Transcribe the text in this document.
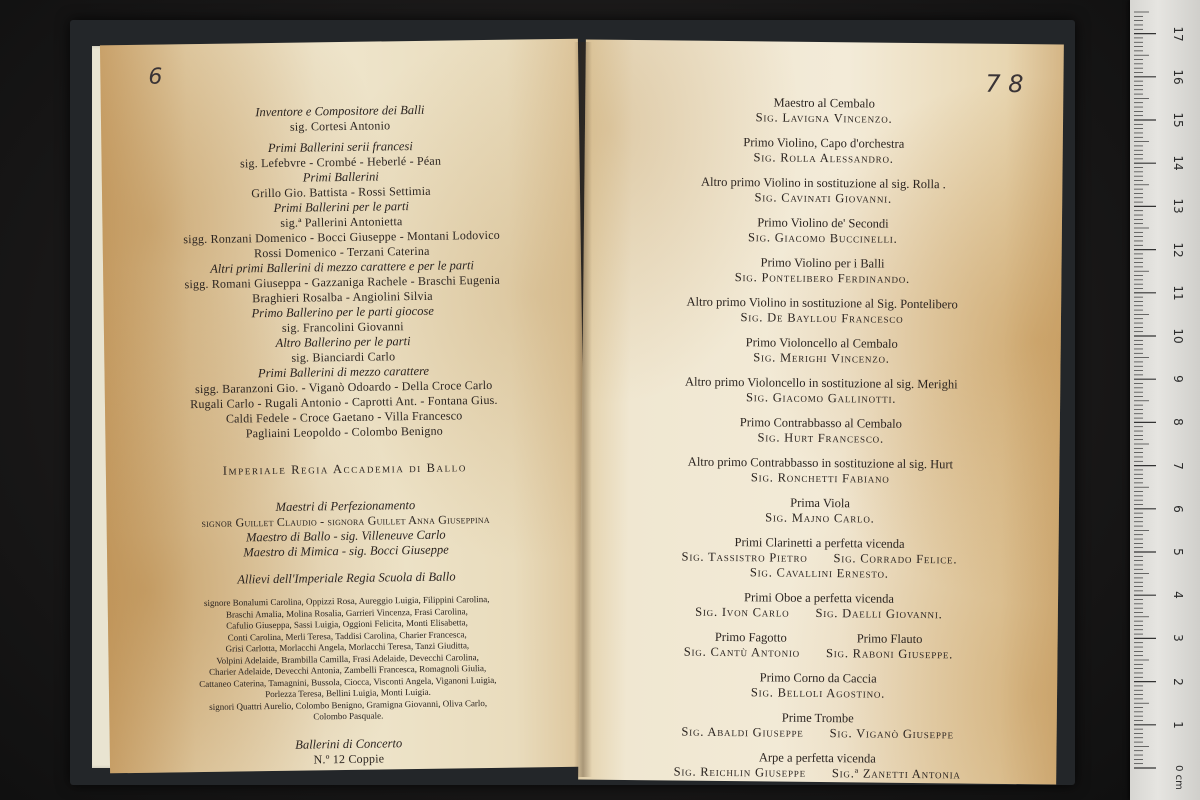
6
Inventore e Compositore dei Balli
sig. Cortesi Antonio
Primi Ballerini serii francesi
sig. Lefebvre - Crombé - Heberlé - Péan
Primi Ballerini
Grillo Gio. Battista - Rossi Settimia
Primi Ballerini per le parti
sig.ª Pallerini Antonietta
sigg. Ronzani Domenico - Bocci Giuseppe - Montani Lodovico
Rossi Domenico - Terzani Caterina
Altri primi Ballerini di mezzo carattere e per le parti
sigg. Romani Giuseppa - Gazzaniga Rachele - Braschi Eugenia
Braghieri Rosalba - Angiolini Silvia
Primo Ballerino per le parti giocose
sig. Francolini Giovanni
Altro Ballerino per le parti
sig. Bianciardi Carlo
Primi Ballerini di mezzo carattere
sigg. Baranzoni Gio. - Viganò Odoardo - Della Croce Carlo
Rugali Carlo - Rugali Antonio - Caprotti Ant. - Fontana Gius.
Caldi Fedele - Croce Gaetano - Villa Francesco
Pagliaini Leopoldo - Colombo Benigno
Imperiale Regia Accademia di Ballo
Maestri di Perfezionamento
signor Guillet Claudio - signora Guillet Anna Giuseppina
Maestro di Ballo - sig. Villeneuve Carlo
Maestro di Mimica - sig. Bocci Giuseppe
Allievi dell'Imperiale Regia Scuola di Ballo
signore Bonalumi Carolina, Oppizzi Rosa, Aureggio Luigia, Filippini Carolina,
Braschi Amalia, Molina Rosalia, Garrieri Vincenza, Frasi Carolina,
Cafulio Giuseppa, Sassi Luigia, Oggioni Felicita, Monti Elisabetta,
Conti Carolina, Merli Teresa, Taddisi Carolina, Charier Francesca,
Grisi Carlotta, Morlacchi Angela, Morlacchi Teresa, Tanzi Giuditta,
Volpini Adelaide, Brambilla Camilla, Frasi Adelaide, Devecchi Carolina,
Charier Adelaide, Devecchi Antonia, Zambelli Francesca, Romagnoli Giulia,
Cattaneo Caterina, Tamagnini, Bussola, Ciocca, Visconti Angela, Viganoni Luigia,
Porlezza Teresa, Bellini Luigia, Monti Luigia.
signori Quattri Aurelio, Colombo Benigno, Gramigna Giovanni, Oliva Carlo,
Colombo Pasquale.
Ballerini di Concerto
N.º 12 Coppie
7 8
Maestro al Cembalo
Sig. Lavigna Vincenzo.
Primo Violino, Capo d'orchestra
Sig. Rolla Alessandro.
Altro primo Violino in sostituzione al sig. Rolla .
Sig. Cavinati Giovanni.
Primo Violino de' Secondi
Sig. Giacomo Buccinelli.
Primo Violino per i Balli
Sig. Pontelibero Ferdinando.
Altro primo Violino in sostituzione al Sig. Pontelibero
Sig. De Bayllou Francesco
Primo Violoncello al Cembalo
Sig. Merighi Vincenzo.
Altro primo Violoncello in sostituzione al sig. Merighi
Sig. Giacomo Gallinotti.
Primo Contrabbasso al Cembalo
Sig. Hurt Francesco.
Altro primo Contrabbasso in sostituzione al sig. Hurt
Sig. Ronchetti Fabiano
Prima Viola
Sig. Majno Carlo.
Primi Clarinetti a perfetta vicenda
Sig. Tassistro Pietro Sig. Corrado Felice.
Sig. Cavallini Ernesto.
Primi Oboe a perfetta vicenda
Sig. Ivon Carlo Sig. Daelli Giovanni.
Primo Fagotto	Primo Flauto
Sig. Cantù Antonio Sig. Raboni Giuseppe.
Primo Corno da Caccia
Sig. Belloli Agostino.
Prime Trombe
Sig. Abaldi Giuseppe Sig. Viganò Giuseppe
Arpe a perfetta vicenda
Sig. Reichlin Giuseppe Sig.ª Zanetti Antonia	0 cm
1
2
3
4
5
6
7
8
9
10
11
12
13
14
15
16
17
